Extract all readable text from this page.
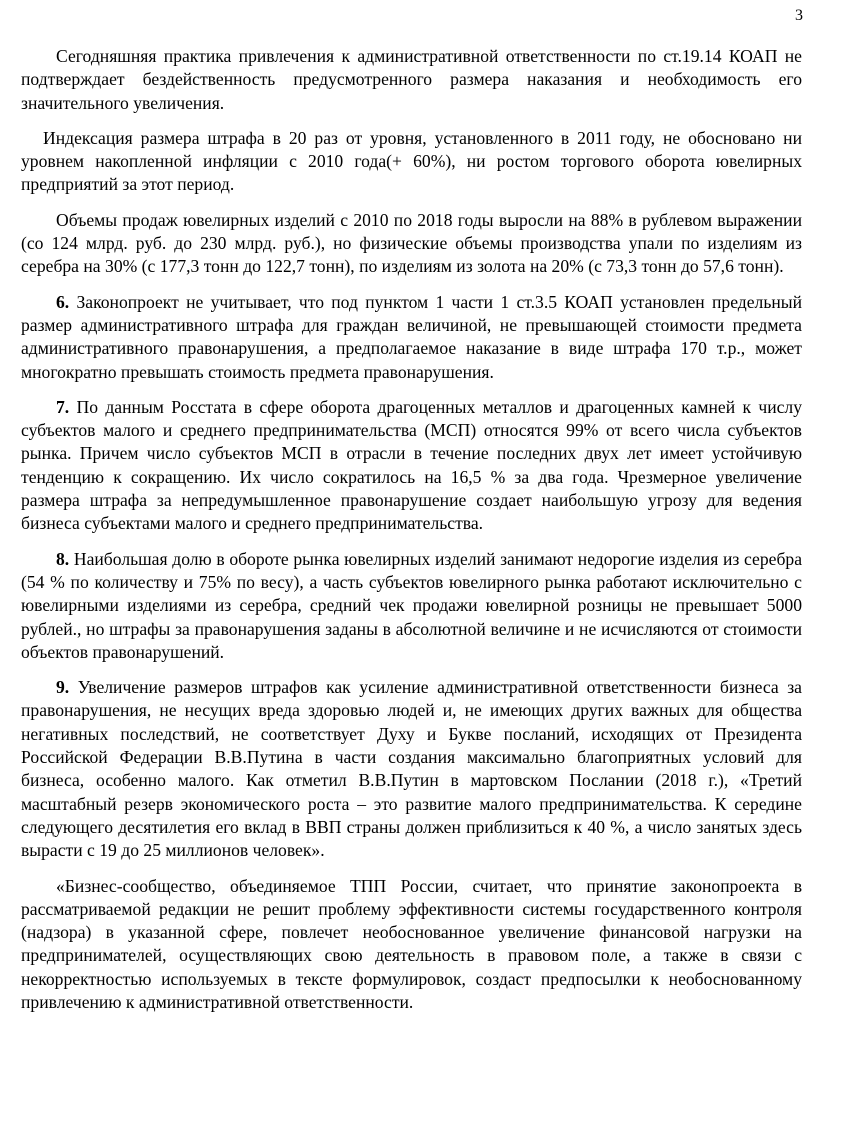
3

Сегодняшняя практика привлечения к административной ответственности по ст.19.14 КОАП не подтверждает бездейственность предусмотренного размера наказания и необходимость его значительного увеличения.

Индексация размера штрафа в 20 раз от уровня, установленного в 2011 году, не обосновано ни уровнем накопленной инфляции с 2010 года(+ 60%), ни ростом торгового оборота ювелирных предприятий за этот период.

Объемы продаж ювелирных изделий с 2010 по 2018 годы выросли на 88% в рублевом выражении (со 124 млрд. руб. до 230 млрд. руб.), но физические объемы производства упали по изделиям из серебра на 30% (с 177,3 тонн до 122,7 тонн), по изделиям из золота на 20% (с 73,3 тонн до 57,6 тонн).

6. Законопроект не учитывает, что под пунктом 1 части 1 ст.3.5 КОАП установлен предельный размер административного штрафа для граждан величиной, не превышающей стоимости предмета административного правонарушения, а предполагаемое наказание в виде штрафа 170 т.р., может многократно превышать стоимость предмета правонарушения.

7. По данным Росстата в сфере оборота драгоценных металлов и драгоценных камней к числу субъектов малого и среднего предпринимательства (МСП) относятся 99% от всего числа субъектов рынка. Причем число субъектов МСП в отрасли в течение последних двух лет имеет устойчивую тенденцию к сокращению. Их число сократилось на 16,5 % за два года. Чрезмерное увеличение размера штрафа за непредумышленное правонарушение создает наибольшую угрозу для ведения бизнеса субъектами малого и среднего предпринимательства.

8. Наибольшая долю в обороте рынка ювелирных изделий занимают недорогие изделия из серебра (54 % по количеству и 75% по весу), а часть субъектов ювелирного рынка работают исключительно с ювелирными изделиями из серебра, средний чек продажи ювелирной розницы не превышает 5000 рублей., но штрафы за правонарушения заданы в абсолютной величине и не исчисляются от стоимости объектов правонарушений.

9. Увеличение размеров штрафов как усиление административной ответственности бизнеса за правонарушения, не несущих вреда здоровью людей и, не имеющих других важных для общества негативных последствий, не соответствует Духу и Букве посланий, исходящих от Президента Российской Федерации В.В.Путина в части создания максимально благоприятных условий для бизнеса, особенно малого. Как отметил В.В.Путин в мартовском Послании (2018 г.), «Третий масштабный резерв экономического роста – это развитие малого предпринимательства. К середине следующего десятилетия его вклад в ВВП страны должен приблизиться к 40 %, а число занятых здесь вырасти с 19 до 25 миллионов человек».

«Бизнес-сообщество, объединяемое ТПП России, считает, что принятие законопроекта в рассматриваемой редакции не решит проблему эффективности системы государственного контроля (надзора) в указанной сфере, повлечет необоснованное увеличение финансовой нагрузки на предпринимателей, осуществляющих свою деятельность в правовом поле, а также в связи с некорректностью используемых в тексте формулировок, создаст предпосылки к необоснованному привлечению к административной ответственности.
